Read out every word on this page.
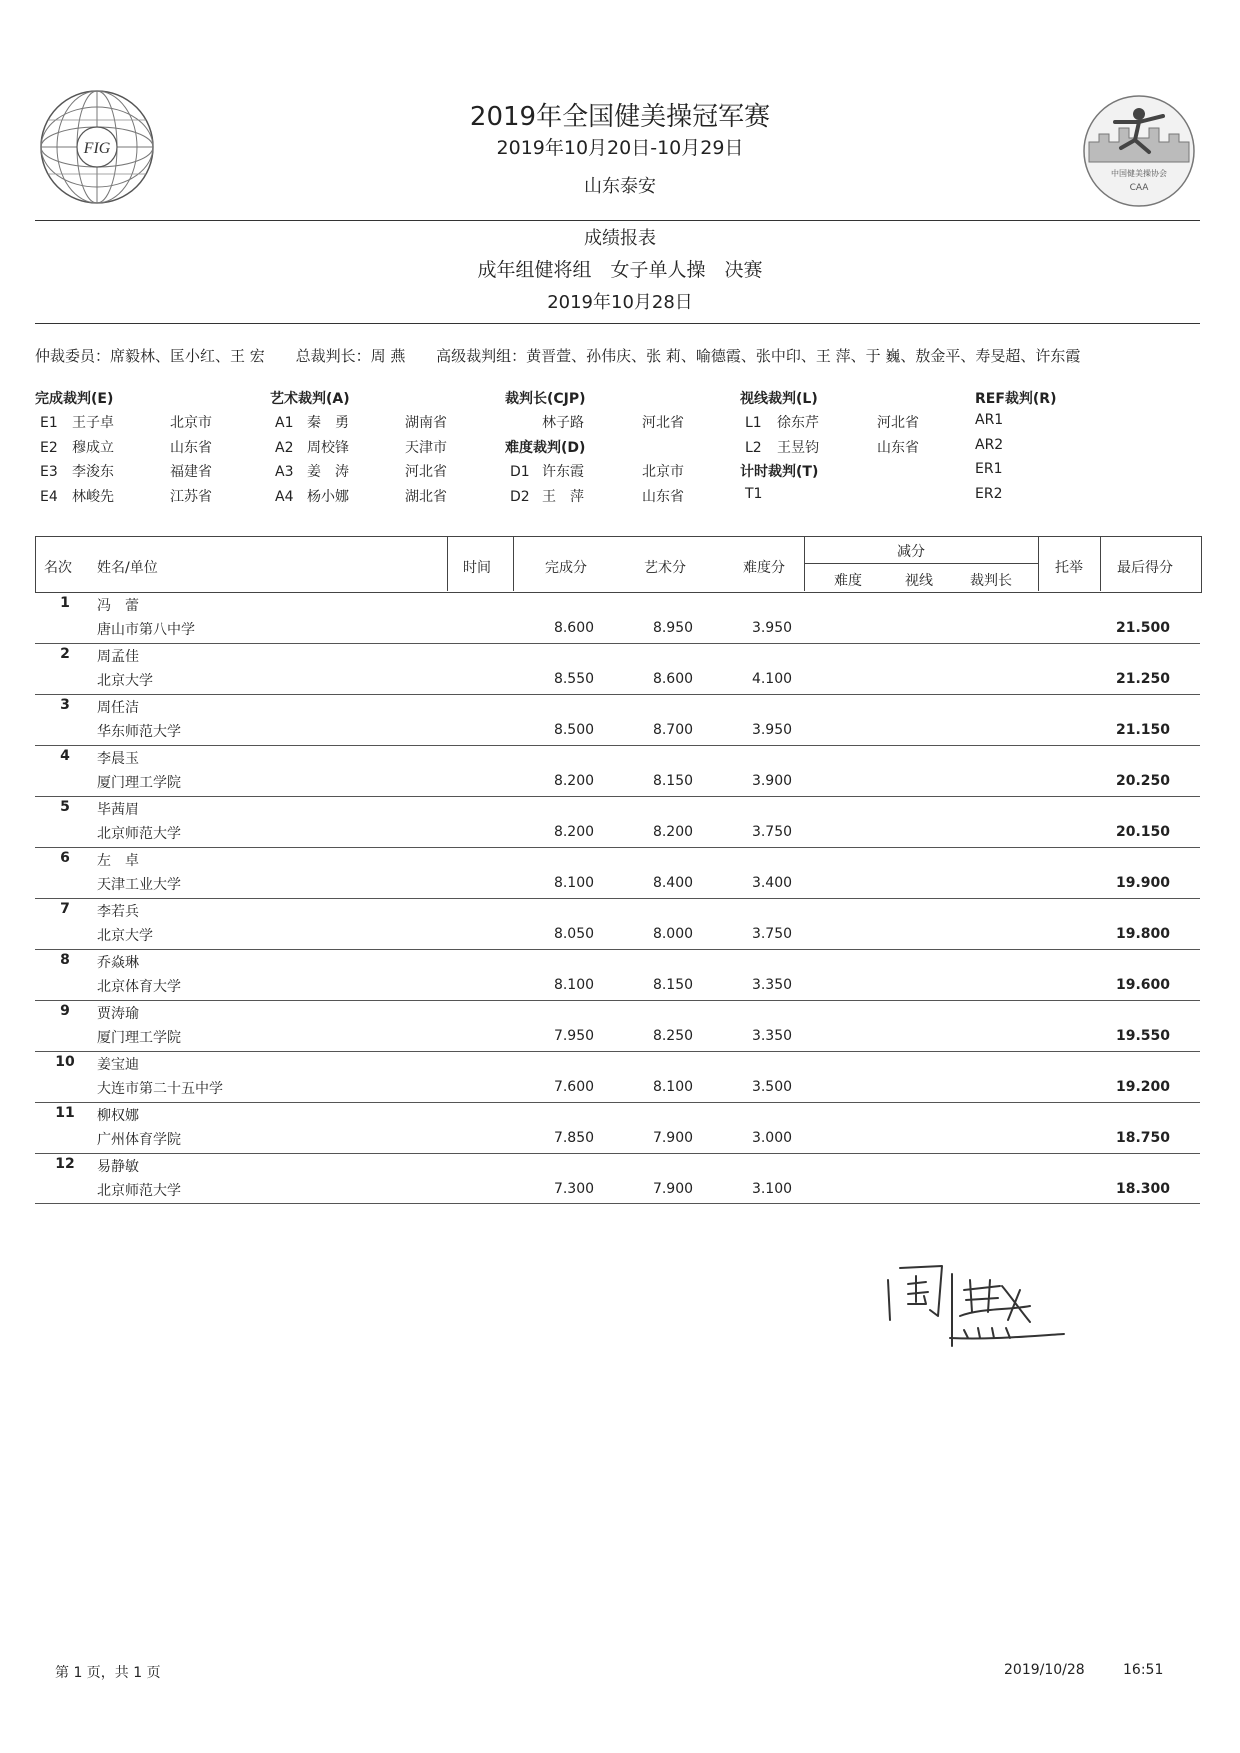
FIG
中国健美操协会
CAA
2019年全国健美操冠军赛
2019年10月20日-10月29日
山东泰安
成绩报表
成年组健将组　女子单人操　决赛
2019年10月28日
仲裁委员：席毅林、匡小红、王 宏 总裁判长：周 燕 高级裁判组：黄晋萱、孙伟庆、张 莉、喻德霞、张中印、王 萍、于 巍、敖金平、寿旻超、许东霞
完成裁判(E)
E1 王子卓	北京市
E2 穆成立	山东省
E3 李浚东	福建省
E4 林峻先	江苏省
艺术裁判(A)
A1 秦　勇	湖南省
A2 周校锋	天津市
A3 姜　涛	河北省
A4 杨小娜	湖北省
裁判长(CJP)
林子路	河北省
难度裁判(D)
D1 许东霞	北京市
D2 王　萍	山东省
视线裁判(L)
L1 徐东芹	河北省
L2 王昱钧	山东省
计时裁判(T)
T1
REF裁判(R)
AR1
AR2
ER1
ER2
名次 姓名/单位	时间	完成分	艺术分	难度分
减分
难度	视线	裁判长
托举 最后得分
1	冯　蕾
唐山市第八中学	8.600	8.950	3.950	21.500
2	周孟佳
北京大学	8.550	8.600	4.100	21.250
3	周任洁
华东师范大学	8.500	8.700	3.950	21.150
4	李晨玉
厦门理工学院	8.200	8.150	3.900	20.250
5	毕茜眉
北京师范大学	8.200	8.200	3.750	20.150
6	左　卓
天津工业大学	8.100	8.400	3.400	19.900
7	李若兵
北京大学	8.050	8.000	3.750	19.800
8	乔焱琳
北京体育大学	8.100	8.150	3.350	19.600
9	贾涛瑜
厦门理工学院	7.950	8.250	3.350	19.550
10	姜宝迪
大连市第二十五中学	7.600	8.100	3.500	19.200
11	柳权娜
广州体育学院	7.850	7.900	3.000	18.750
12	易静敏
北京师范大学	7.300	7.900	3.100	18.300
第 1 页，共 1 页	2019/10/28	16:51
